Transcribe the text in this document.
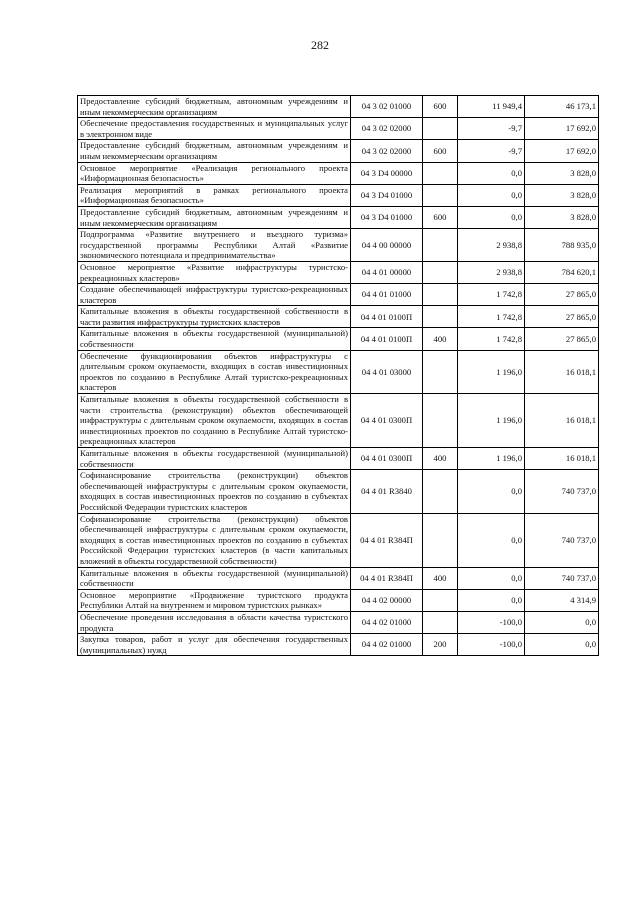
282
Предоставление субсидий бюджетным, автономным учреждениям и иным некоммерческим организациям	04 3 02 01000	600	11 949,4	46 173,1
Обеспечение предоставления государственных и муниципальных услуг в электронном виде	04 3 02 02000		-9,7	17 692,0
Предоставление субсидий бюджетным, автономным учреждениям и иным некоммерческим организациям	04 3 02 02000	600	-9,7	17 692,0
Основное мероприятие «Реализация регионального проекта «Информационная безопасность»	04 3 D4 00000		0,0	3 828,0
Реализация мероприятий в рамках регионального проекта «Информационная безопасность»	04 3 D4 01000		0,0	3 828,0
Предоставление субсидий бюджетным, автономным учреждениям и иным некоммерческим организациям	04 3 D4 01000	600	0,0	3 828,0
Подпрограмма «Развитие внутреннего и въездного туризма» государственной программы Республики Алтай «Развитие экономического потенциала и предпринимательства»	04 4 00 00000		2 938,8	788 935,0
Основное мероприятие «Развитие инфраструктуры туристско-рекреационных кластеров»	04 4 01 00000		2 938,8	784 620,1
Создание обеспечивающей инфраструктуры туристско-рекреационных кластеров	04 4 01 01000		1 742,8	27 865,0
Капитальные вложения в объекты государственной собственности в части развития инфраструктуры туристских кластеров	04 4 01 0100П		1 742,8	27 865,0
Капитальные вложения в объекты государственной (муниципальной) собственности	04 4 01 0100П	400	1 742,8	27 865,0
Обеспечение функционирования объектов инфраструктуры с длительным сроком окупаемости, входящих в состав инвестиционных проектов по созданию в Республике Алтай туристско-рекреационных кластеров	04 4 01 03000		1 196,0	16 018,1
Капитальные вложения в объекты государственной собственности в части строительства (реконструкции) объектов обеспечивающей инфраструктуры с длительным сроком окупаемости, входящих в состав инвестиционных проектов по созданию в Республике Алтай туристско-рекреационных кластеров	04 4 01 0300П		1 196,0	16 018,1
Капитальные вложения в объекты государственной (муниципальной) собственности	04 4 01 0300П	400	1 196,0	16 018,1
Софинансирование строительства (реконструкции) объектов обеспечивающей инфраструктуры с длительным сроком окупаемости, входящих в состав инвестиционных проектов по созданию в субъектах Российской Федерации туристских кластеров	04 4 01 R3840		0,0	740 737,0
Софинансирование строительства (реконструкции) объектов обеспечивающей инфраструктуры с длительным сроком окупаемости, входящих в состав инвестиционных проектов по созданию в субъектах Российской Федерации туристских кластеров (в части капитальных вложений в объекты государственной собственности)	04 4 01 R384П		0,0	740 737,0
Капитальные вложения в объекты государственной (муниципальной) собственности	04 4 01 R384П	400	0,0	740 737,0
Основное мероприятие «Продвижение туристского продукта Республики Алтай на внутреннем и мировом туристских рынках»	04 4 02 00000		0,0	4 314,9
Обеспечение проведения исследования в области качества туристского продукта	04 4 02 01000		-100,0	0,0
Закупка товаров, работ и услуг для обеспечения государственных (муниципальных) нужд	04 4 02 01000	200	-100,0	0,0
